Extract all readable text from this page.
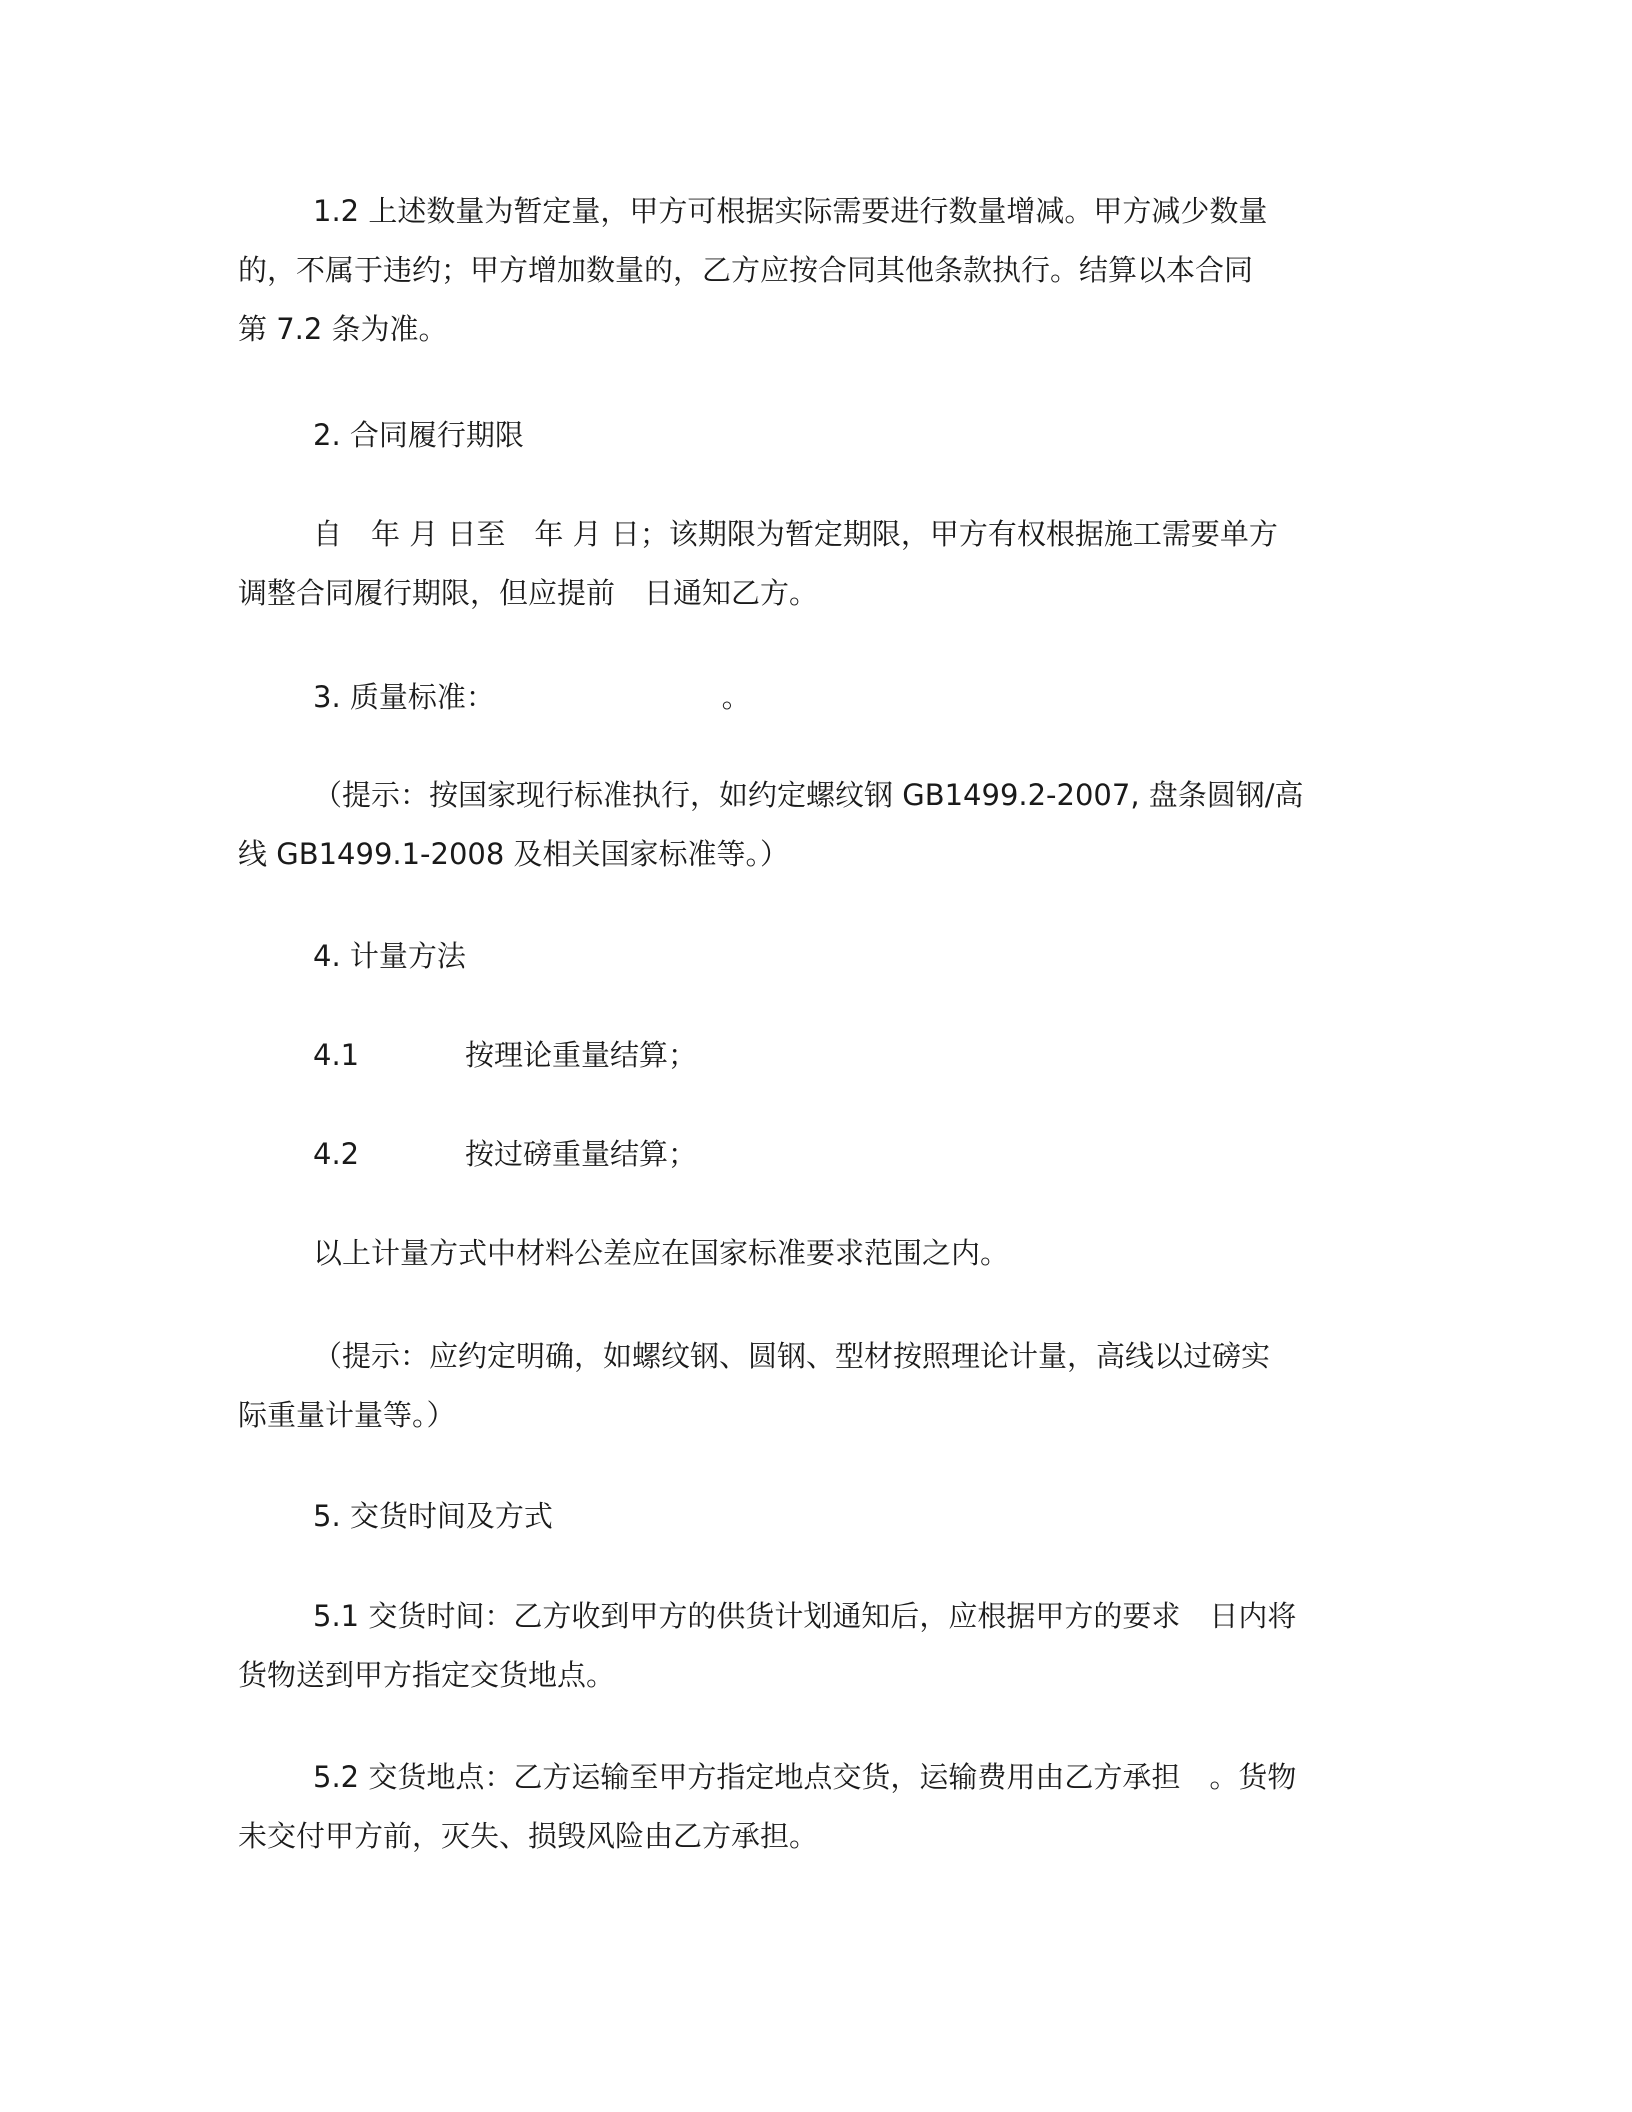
1.2 上述数量为暂定量，甲方可根据实际需要进行数量增减。甲方减少数量
的，不属于违约；甲方增加数量的，乙方应按合同其他条款执行。结算以本合同
第 7.2 条为准。
2. 合同履行期限
自　年 月 日至　年 月 日；该期限为暂定期限，甲方有权根据施工需要单方
调整合同履行期限，但应提前　日通知乙方。
3. 质量标准：　　　　　　　　 。
（提示：按国家现行标准执行，如约定螺纹钢 GB1499.2-2007, 盘条圆钢/高
线 GB1499.1-2008 及相关国家标准等。）
4. 计量方法
4.1	按理论重量结算；
4.2	按过磅重量结算；
以上计量方式中材料公差应在国家标准要求范围之内。
（提示：应约定明确，如螺纹钢、圆钢、型材按照理论计量，高线以过磅实
际重量计量等。）
5. 交货时间及方式
5.1 交货时间：乙方收到甲方的供货计划通知后，应根据甲方的要求　日内将
货物送到甲方指定交货地点。
5.2 交货地点：乙方运输至甲方指定地点交货，运输费用由乙方承担　。货物
未交付甲方前，灭失、损毁风险由乙方承担。
